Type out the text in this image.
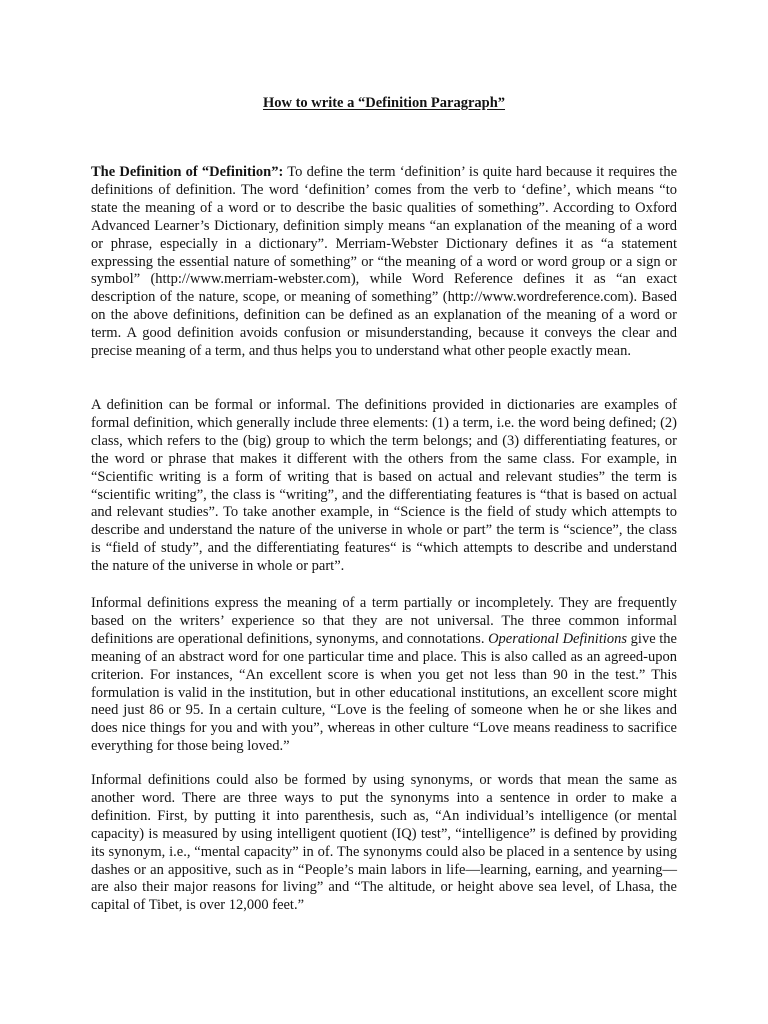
How to write a “Definition Paragraph”

The Definition of “Definition”: To define the term ‘definition’ is quite hard because it requires the definitions of definition. The word ‘definition’ comes from the verb to ‘define’, which means “to state the meaning of a word or to describe the basic qualities of something”. According to Oxford Advanced Learner’s Dictionary, definition simply means “an explanation of the meaning of a word or phrase, especially in a dictionary”. Merriam-Webster Dictionary defines it as “a statement expressing the essential nature of something” or “the meaning of a word or word group or a sign or symbol” (http://www.merriam-webster.com), while Word Reference defines it as “an exact description of the nature, scope, or meaning of something” (http://www.wordreference.com). Based on the above definitions, definition can be defined as an explanation of the meaning of a word or term. A good definition avoids confusion or misunderstanding, because it conveys the clear and precise meaning of a term, and thus helps you to understand what other people exactly mean.

A definition can be formal or informal. The definitions provided in dictionaries are examples of formal definition, which generally include three elements: (1) a term, i.e. the word being defined; (2) class, which refers to the (big) group to which the term belongs; and (3) differentiating features, or the word or phrase that makes it different with the others from the same class. For example, in “Scientific writing is a form of writing that is based on actual and relevant studies” the term is “scientific writing”, the class is “writing”, and the differentiating features is “that is based on actual and relevant studies”. To take another example, in “Science is the field of study which attempts to describe and understand the nature of the universe in whole or part” the term is “science”, the class is “field of study”, and the differentiating features“ is “which attempts to describe and understand the nature of the universe in whole or part”.

Informal definitions express the meaning of a term partially or incompletely. They are frequently based on the writers’ experience so that they are not universal. The three common informal definitions are operational definitions, synonyms, and connotations. Operational Definitions give the meaning of an abstract word for one particular time and place. This is also called as an agreed-upon criterion. For instances, “An excellent score is when you get not less than 90 in the test.” This formulation is valid in the institution, but in other educational institutions, an excellent score might need just 86 or 95. In a certain culture, “Love is the feeling of someone when he or she likes and does nice things for you and with you”, whereas in other culture “Love means readiness to sacrifice everything for those being loved.”

Informal definitions could also be formed by using synonyms, or words that mean the same as another word. There are three ways to put the synonyms into a sentence in order to make a definition. First, by putting it into parenthesis, such as, “An individual’s intelligence (or mental capacity) is measured by using intelligent quotient (IQ) test”, “intelligence” is defined by providing its synonym, i.e., “mental capacity” in of. The synonyms could also be placed in a sentence by using dashes or an appositive, such as in “People’s main labors in life—learning, earning, and yearning—are also their major reasons for living” and “The altitude, or height above sea level, of Lhasa, the capital of Tibet, is over 12,000 feet.”
